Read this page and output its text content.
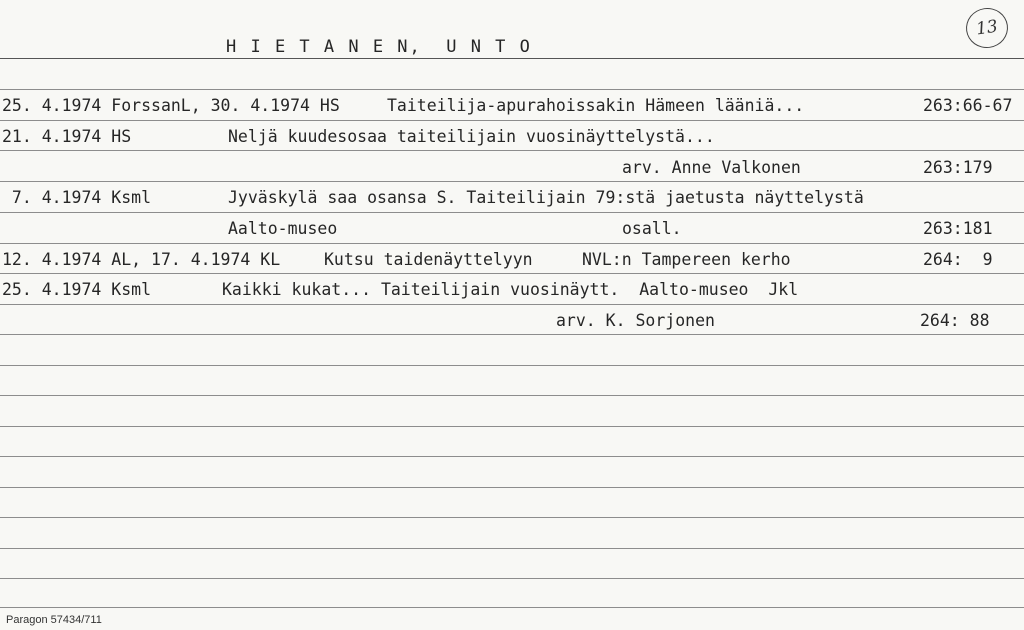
H I E T A N E N,  U N T O
13
25. 4.1974 ForssanL, 30. 4.1974 HS	Taiteilija-apurahoissakin Hämeen lääniä...	263:66-67
21. 4.1974 HS	Neljä kuudesosaa taiteilijain vuosinäyttelystä...
arv. Anne Valkonen	263:179
7. 4.1974 Ksml	Jyväskylä saa osansa S. Taiteilijain 79:stä jaetusta näyttelystä
Aalto-museo	osall.	263:181
12. 4.1974 AL, 17. 4.1974 KL	Kutsu taidenäyttelyyn	NVL:n Tampereen kerho	264:  9
25. 4.1974 Ksml	Kaikki kukat... Taiteilijain vuosinäytt.  Aalto-museo  Jkl
arv. K. Sorjonen	264: 88
Paragon 57434/711
